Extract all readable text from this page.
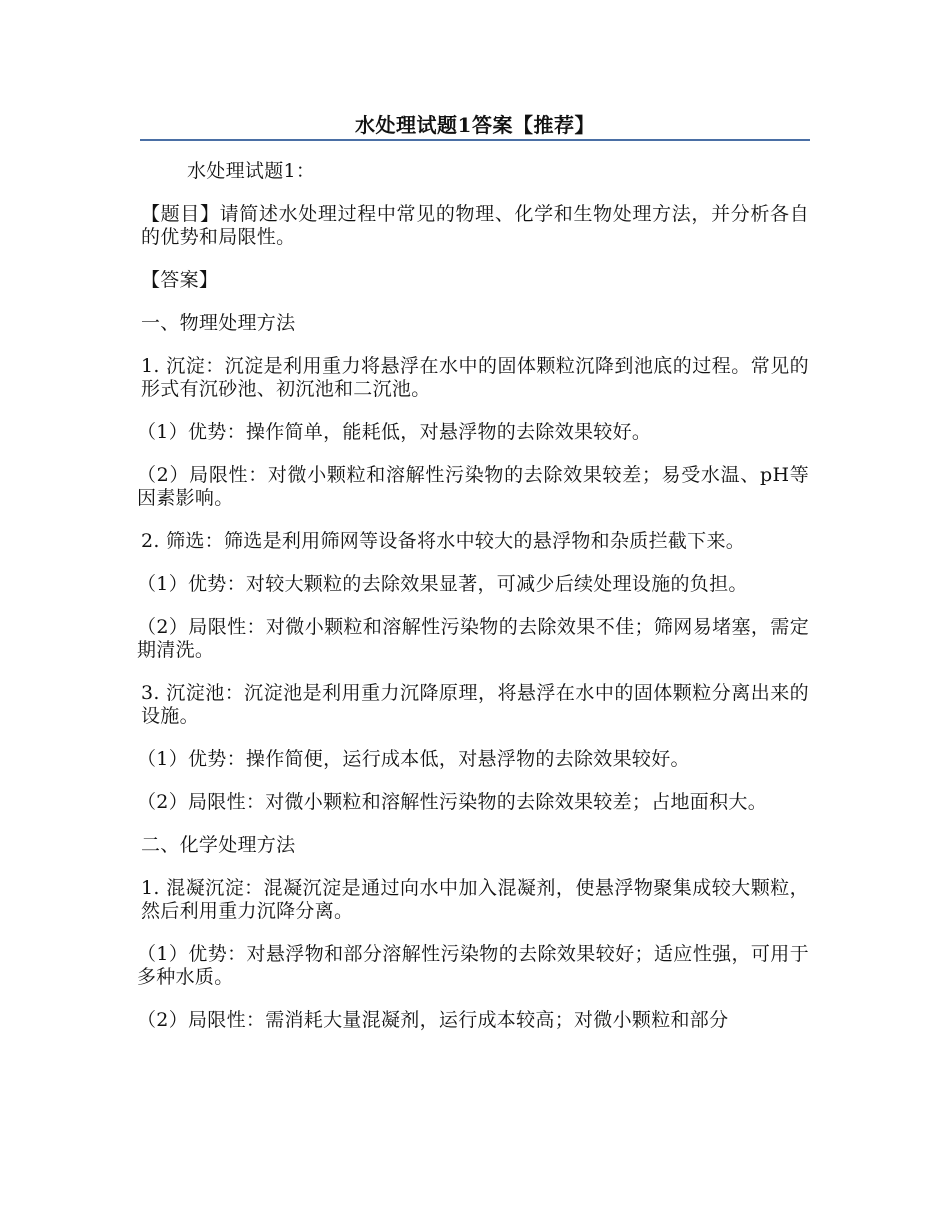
水处理试题1答案【推荐】

水处理试题1：

【题目】请简述水处理过程中常见的物理、化学和生物处理方法，并分析各自的优势和局限性。

【答案】

一、物理处理方法

1. 沉淀：沉淀是利用重力将悬浮在水中的固体颗粒沉降到池底的过程。常见的形式有沉砂池、初沉池和二沉池。

（1）优势：操作简单，能耗低，对悬浮物的去除效果较好。

（2）局限性：对微小颗粒和溶解性污染物的去除效果较差；易受水温、pH等因素影响。

2. 筛选：筛选是利用筛网等设备将水中较大的悬浮物和杂质拦截下来。

（1）优势：对较大颗粒的去除效果显著，可减少后续处理设施的负担。

（2）局限性：对微小颗粒和溶解性污染物的去除效果不佳；筛网易堵塞，需定期清洗。

3. 沉淀池：沉淀池是利用重力沉降原理，将悬浮在水中的固体颗粒分离出来的设施。

（1）优势：操作简便，运行成本低，对悬浮物的去除效果较好。

（2）局限性：对微小颗粒和溶解性污染物的去除效果较差；占地面积大。

二、化学处理方法

1. 混凝沉淀：混凝沉淀是通过向水中加入混凝剂，使悬浮物聚集成较大颗粒，然后利用重力沉降分离。

（1）优势：对悬浮物和部分溶解性污染物的去除效果较好；适应性强，可用于多种水质。

（2）局限性：需消耗大量混凝剂，运行成本较高；对微小颗粒和部分
